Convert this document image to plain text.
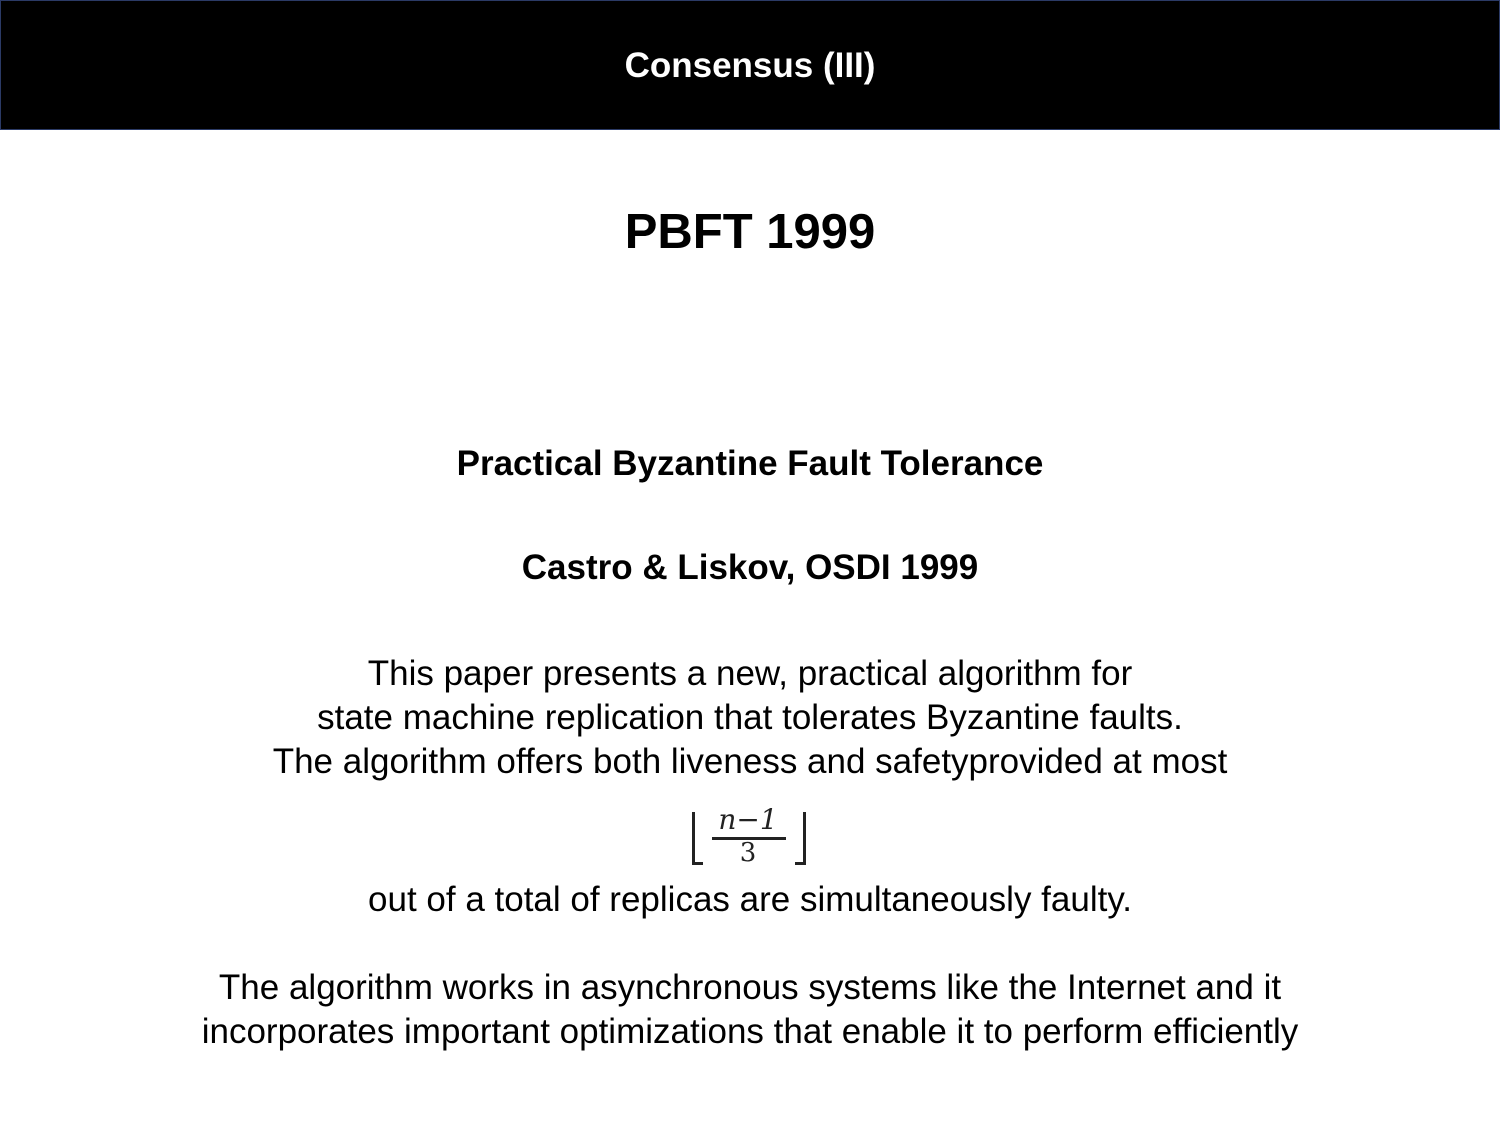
Consensus (III)
PBFT 1999
Practical Byzantine Fault Tolerance
Castro & Liskov, OSDI 1999
This paper presents a new, practical algorithm for
state machine replication that tolerates Byzantine faults.
The algorithm offers both liveness and safetyprovided at most
n−1
3
out of a total of replicas are simultaneously faulty.
The algorithm works in asynchronous systems like the Internet and it
incorporates important optimizations that enable it to perform efficiently
